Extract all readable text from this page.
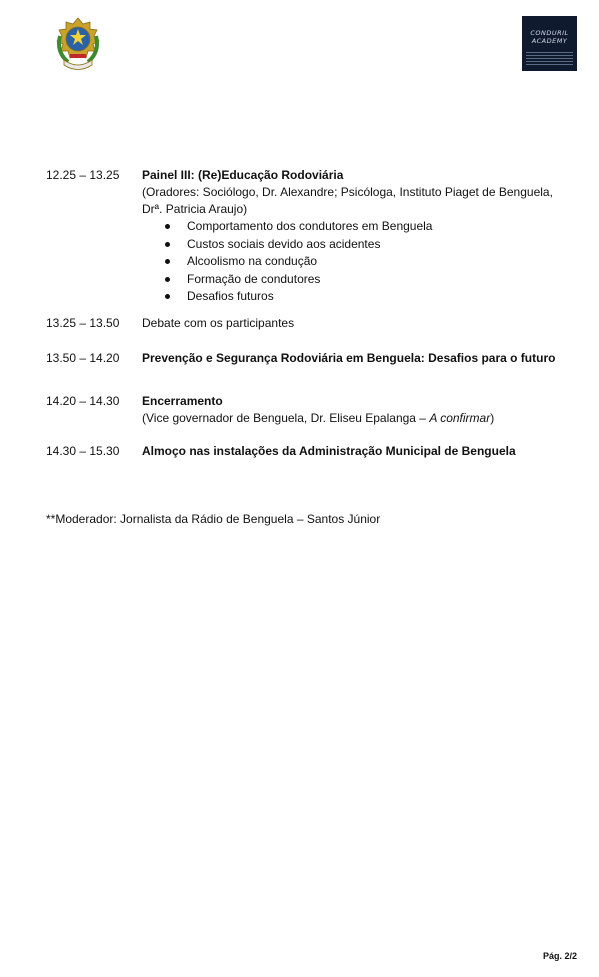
CONDURIL
ACADEMY
12.25 – 13.25	Painel III: (Re)Educação Rodoviária
(Oradores: Sociólogo, Dr. Alexandre; Psicóloga, Instituto Piaget de Benguela, Drª. Patricia Araujo)
Comportamento dos condutores em Benguela
Custos sociais devido aos acidentes
Alcoolismo na condução
Formação de condutores
Desafios futuros
13.25 – 13.50	Debate com os participantes
13.50 – 14.20	Prevenção e Segurança Rodoviária em Benguela: Desafios para o futuro
14.20 – 14.30	Encerramento
(Vice governador de Benguela, Dr. Eliseu Epalanga – A confirmar)
14.30 – 15.30	Almoço nas instalações da Administração Municipal de Benguela
**Moderador: Jornalista da Rádio de Benguela – Santos Júnior
Pág. 2/2
